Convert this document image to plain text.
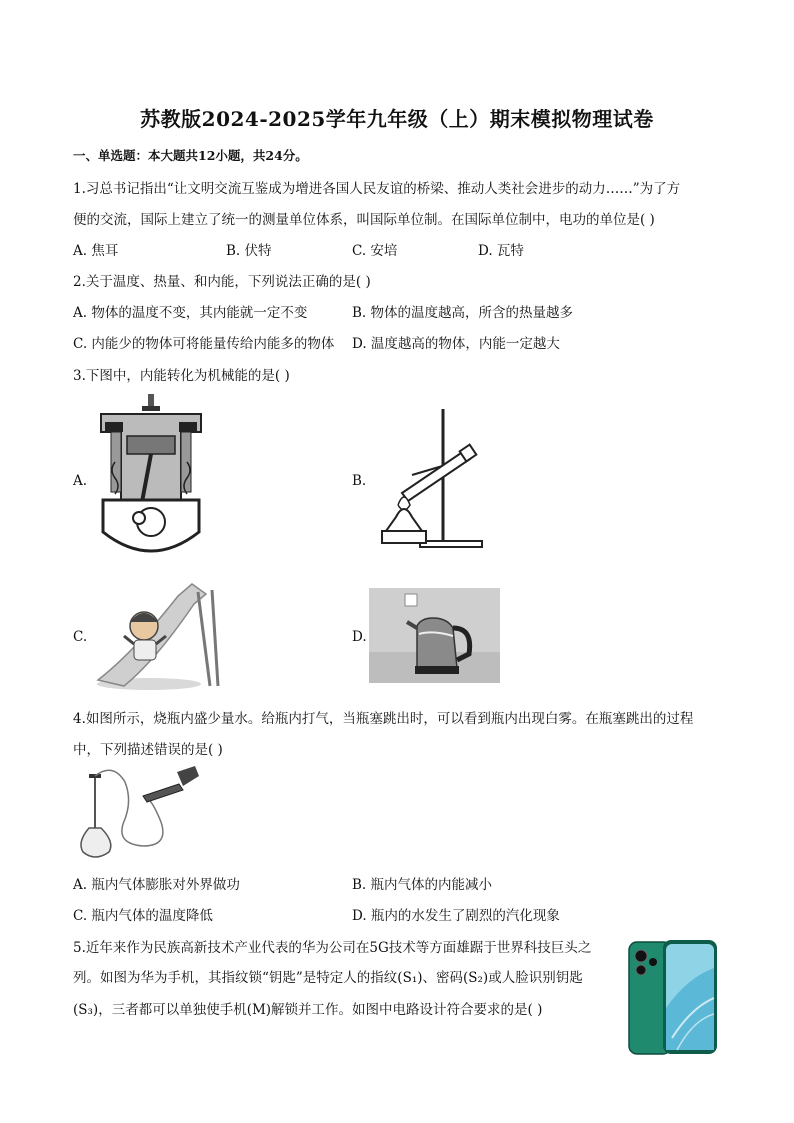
苏教版2024-2025学年九年级（上）期末模拟物理试卷
一、单选题：本大题共12小题，共24分。
1.习总书记指出“让文明交流互鉴成为增进各国人民友谊的桥梁、推动人类社会进步的动力……”为了方
便的交流，国际上建立了统一的测量单位体系，叫国际单位制。在国际单位制中，电功的单位是( )
A. 焦耳	B. 伏特	C. 安培	D. 瓦特
2.关于温度、热量、和内能，下列说法正确的是( )
A. 物体的温度不变，其内能就一定不变	B. 物体的温度越高，所含的热量越多
C. 内能少的物体可将能量传给内能多的物体 D. 温度越高的物体，内能一定越大
3.下图中，内能转化为机械能的是( )
A.	B.
C.	D.
4.如图所示，烧瓶内盛少量水。给瓶内打气，当瓶塞跳出时，可以看到瓶内出现白雾。在瓶塞跳出的过程
中，下列描述错误的是( )
A. 瓶内气体膨胀对外界做功	B. 瓶内气体的内能减小
C. 瓶内气体的温度降低	D. 瓶内的水发生了剧烈的汽化现象
5.近年来作为民族高新技术产业代表的华为公司在5G技术等方面雄踞于世界科技巨头之
列。如图为华为手机，其指纹锁“钥匙”是特定人的指纹(S₁)、密码(S₂)或人脸识别钥匙
(S₃)，三者都可以单独使手机(M)解锁并工作。如图中电路设计符合要求的是( )
